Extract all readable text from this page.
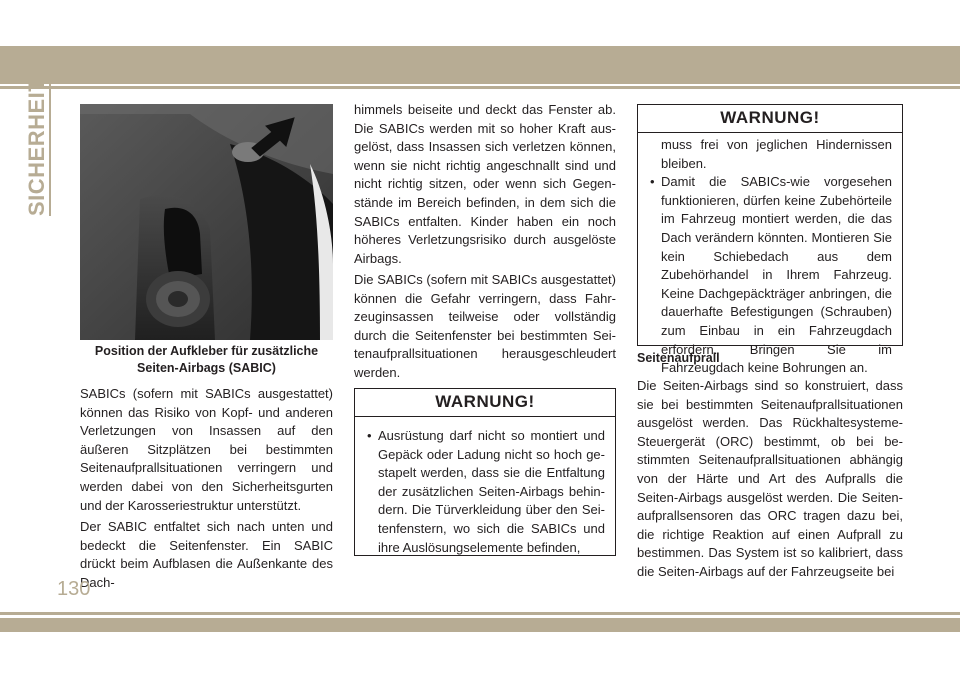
SICHERHEIT
Position der Aufkleber für zusätzliche
Seiten-Airbags (SABIC)

SABICs (sofern mit SABICs ausgestattet) können das Risiko von Kopf- und anderen Verletzungen von Insassen auf den äußeren Sitzplätzen bei bestimmten Seitenaufprallsituationen verringern und werden dabei von den Sicherheitsgurten und der Karosseriestruktur unterstützt.

Der SABIC entfaltet sich nach unten und bedeckt die Seitenfenster. Ein SABIC drückt beim Aufblasen die Außenkante des Dach-

himmels beiseite und deckt das Fenster ab. Die SABICs werden mit so hoher Kraft ausgelöst, dass Insassen sich verletzen können, wenn sie nicht richtig angeschnallt sind und nicht richtig sitzen, oder wenn sich Gegenstände im Bereich befinden, in dem sich die SABICs entfalten. Kinder haben ein noch höheres Verletzungsrisiko durch ausgelöste Airbags.

Die SABICs (sofern mit SABICs ausgestattet) können die Gefahr verringern, dass Fahrzeuginsassen teilweise oder vollständig durch die Seitenfenster bei bestimmten Seitenaufprallsituationen herausgeschleudert werden.

WARNUNG!
• Ausrüstung darf nicht so montiert und Gepäck oder Ladung nicht so hoch gestapelt werden, dass sie die Entfaltung der zusätzlichen Seiten-Airbags behindern. Die Türverkleidung über den Seitenfenstern, wo sich die SABICs und ihre Auslösungselemente befinden,
WARNUNG!
muss frei von jeglichen Hindernissen bleiben.
• Damit die SABICs-wie vorgesehen funktionieren, dürfen keine Zubehörteile im Fahrzeug montiert werden, die das Dach verändern könnten. Montieren Sie kein Schiebedach aus dem Zubehörhandel in Ihrem Fahrzeug. Keine Dachgepäckträger anbringen, die dauerhafte Befestigungen (Schrauben) zum Einbau in ein Fahrzeugdach erfordern. Bringen Sie im Fahrzeugdach keine Bohrungen an.
Seitenaufprall

Die Seiten-Airbags sind so konstruiert, dass sie bei bestimmten Seitenaufprallsituationen ausgelöst werden. Das Rückhaltesysteme-Steuergerät (ORC) bestimmt, ob bei bestimmten Seitenaufprallsituationen abhängig von der Härte und Art des Aufpralls die Seiten-Airbags ausgelöst werden. Die Seitenaufprallsensoren das ORC tragen dazu bei, die richtige Reaktion auf einen Aufprall zu bestimmen. Das System ist so kalibriert, dass die Seiten-Airbags auf der Fahrzeugseite bei

130
